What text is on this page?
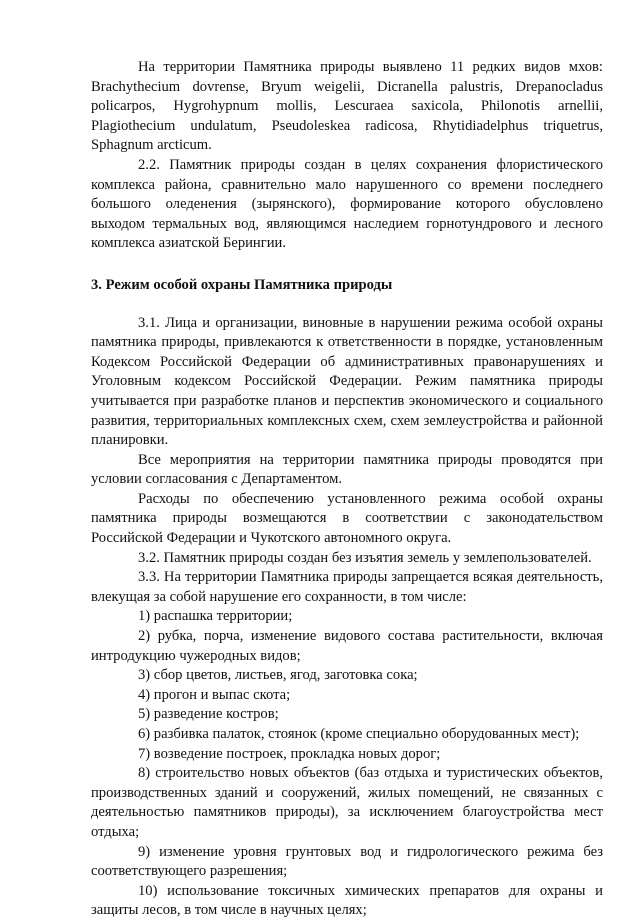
На территории Памятника природы выявлено 11 редких видов мхов: Brachythecium dovrense, Bryum weigelii, Dicranella palustris, Drepanocladus policarpos, Hygrohypnum mollis, Lescuraea saxicola, Philonotis arnellii, Plagiothecium undulatum, Pseudoleskea radicosa, Rhytidiadelphus triquetrus, Sphagnum arcticum.

2.2. Памятник природы создан в целях сохранения флористического комплекса района, сравнительно мало нарушенного со времени последнего большого оледенения (зырянского), формирование которого обусловлено выходом термальных вод, являющимся наследием горнотундрового и лесного комплекса азиатской Берингии.

3. Режим особой охраны Памятника природы

3.1. Лица и организации, виновные в нарушении режима особой охраны памятника природы, привлекаются к ответственности в порядке, установленным Кодексом Российской Федерации об административных правонарушениях и Уголовным кодексом Российской Федерации. Режим памятника природы учитывается при разработке планов и перспектив экономического и социального развития, территориальных комплексных схем, схем землеустройства и районной планировки.

Все мероприятия на территории памятника природы проводятся при условии согласования с Департаментом.

Расходы по обеспечению установленного режима особой охраны памятника природы возмещаются в соответствии с законодательством Российской Федерации и Чукотского автономного округа.

3.2. Памятник природы создан без изъятия земель у землепользователей.

3.3. На территории Памятника природы запрещается всякая деятельность, влекущая за собой нарушение его сохранности, в том числе:

1) распашка территории;

2) рубка, порча, изменение видового состава растительности, включая интродукцию чужеродных видов;

3) сбор цветов, листьев, ягод, заготовка сока;

4) прогон и выпас скота;

5) разведение костров;

6) разбивка палаток, стоянок (кроме специально оборудованных мест);

7) возведение построек, прокладка новых дорог;

8) строительство новых объектов (баз отдыха и туристических объектов, производственных зданий и сооружений, жилых помещений, не связанных с деятельностью памятников природы), за исключением благоустройства мест отдыха;

9) изменение уровня грунтовых вод и гидрологического режима без соответствующего разрешения;

10) использование токсичных химических препаратов для охраны и защиты лесов, в том числе в научных целях;
